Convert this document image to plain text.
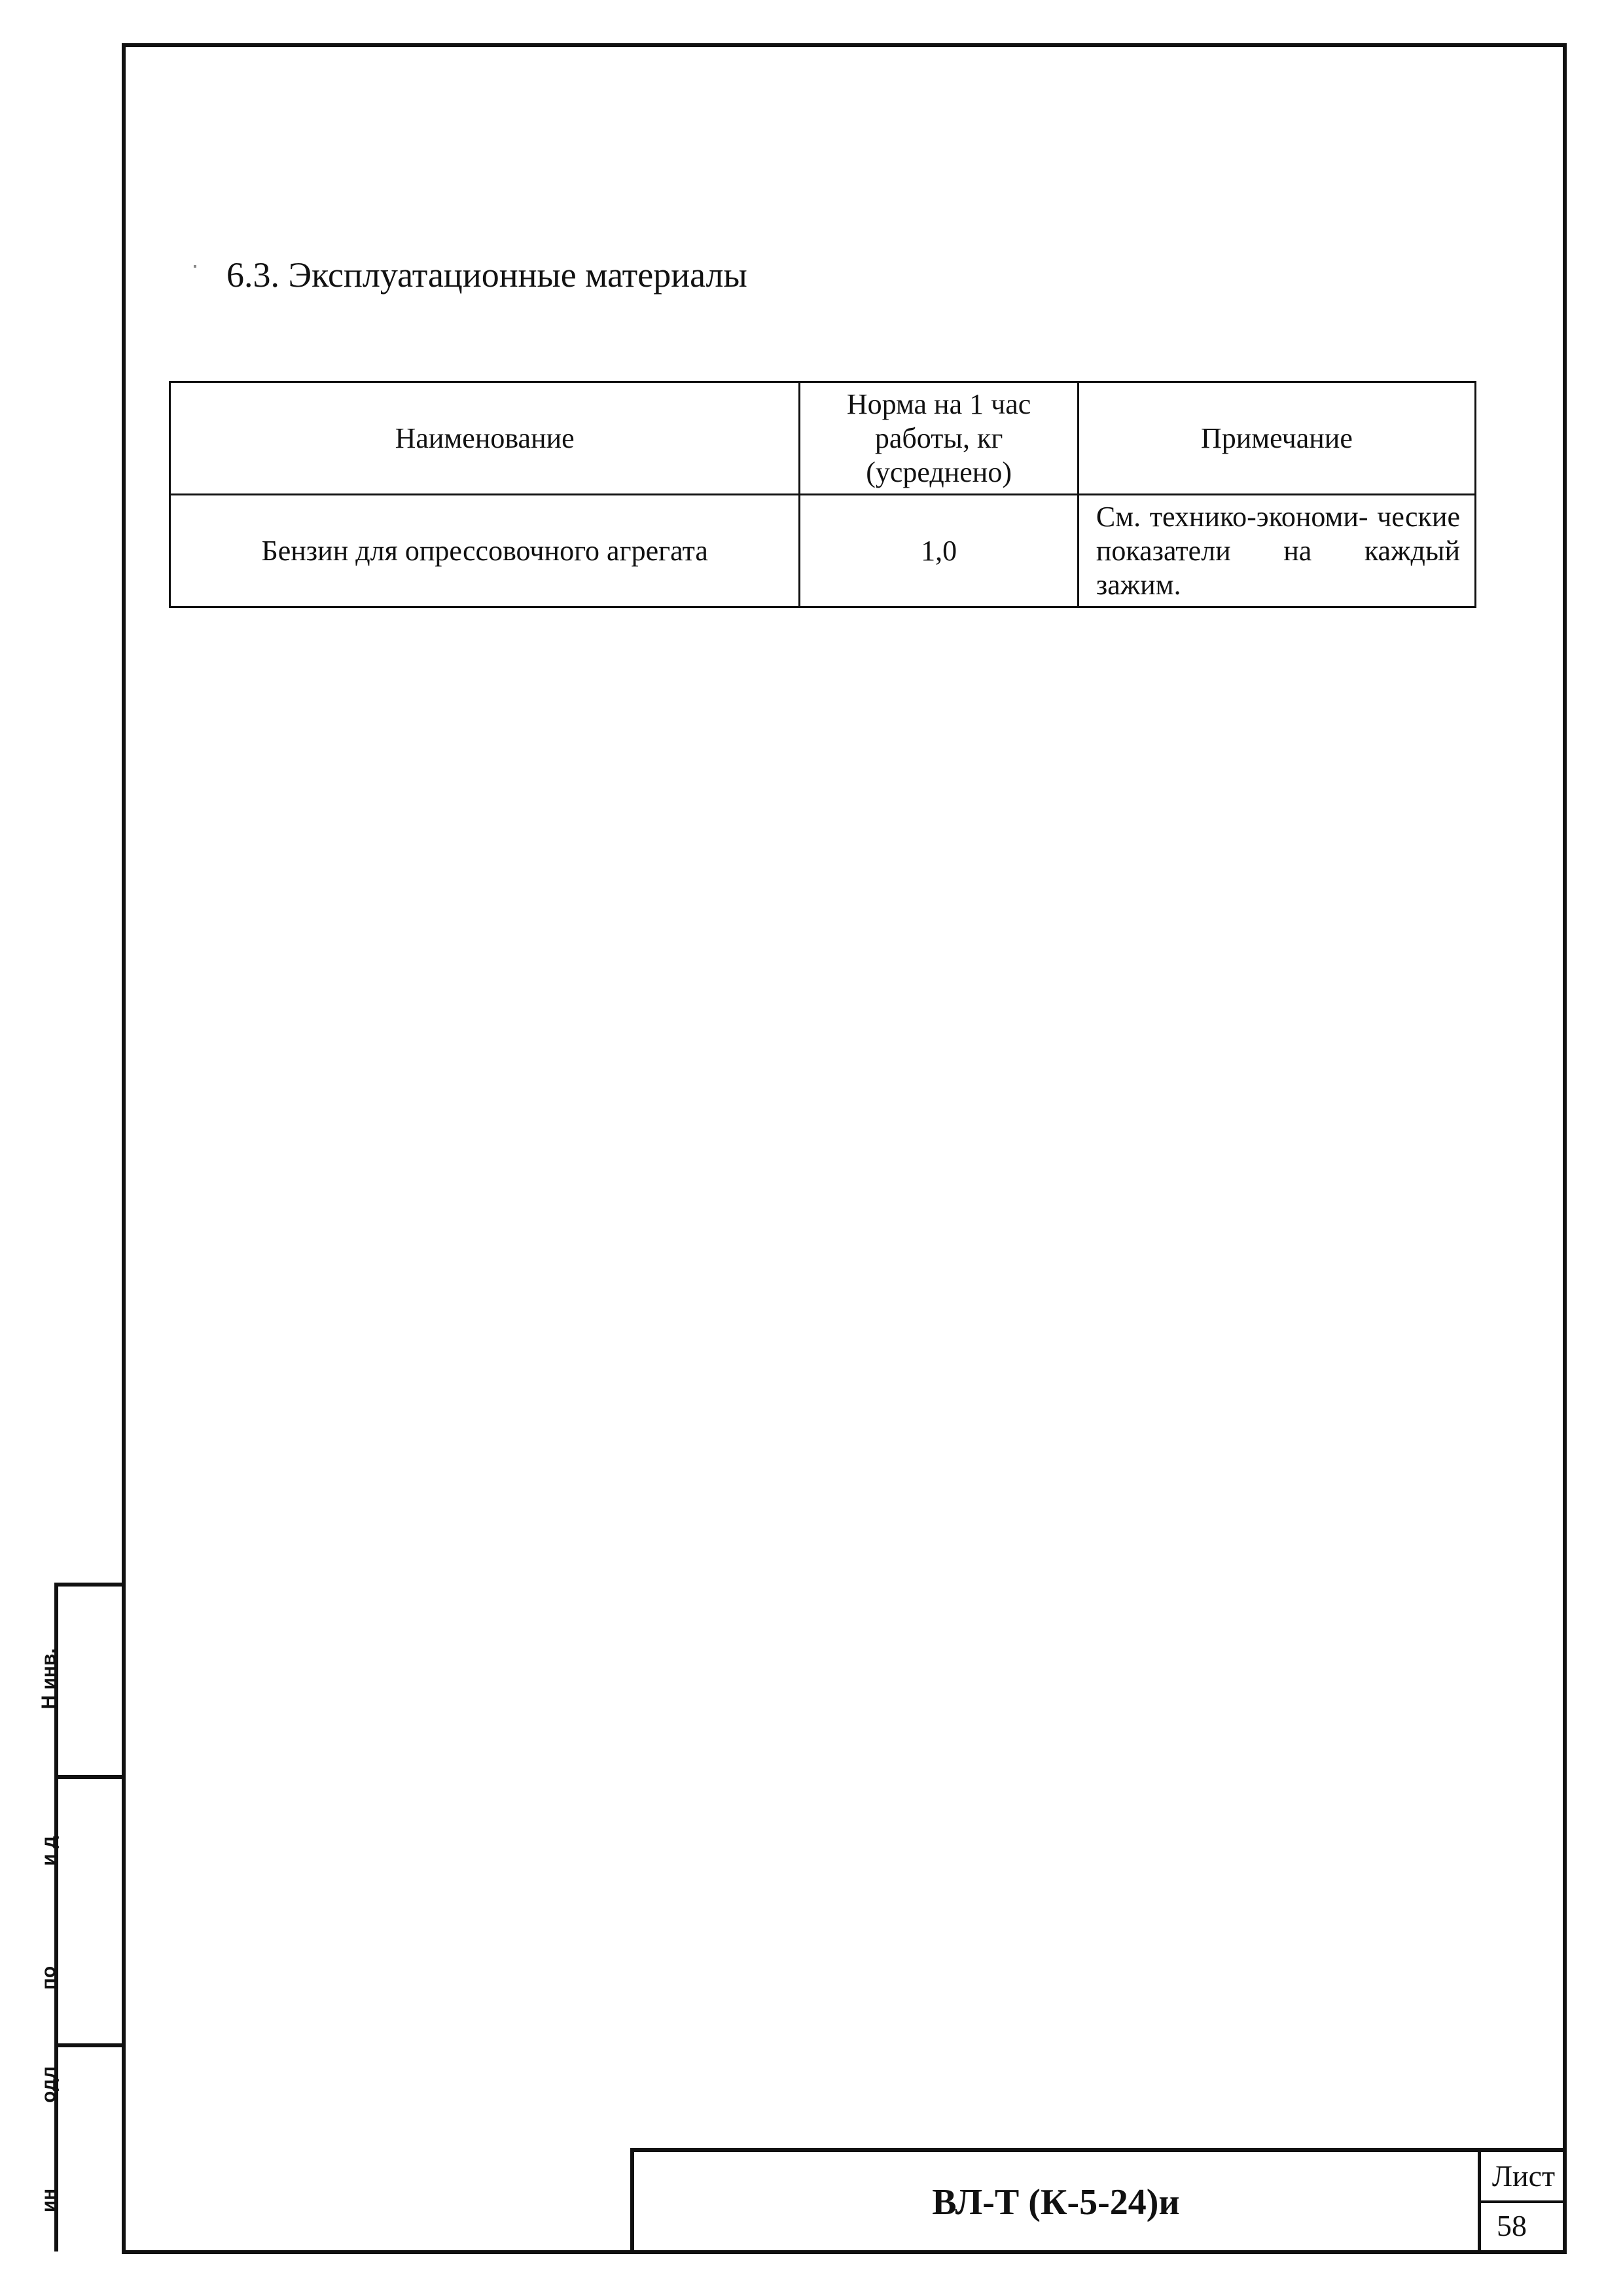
6.3. Эксплуатационные материалы
Наименование	Норма на 1 час работы, кг (усреднено)	Примечание
Бензин для опрессовочного агрегата	1,0	См. технико-экономи- ческие показатели на каждый зажим.
Н инв.
и д
по
одл
ин	ВЛ-Т (К-5-24)и
Лист
58
